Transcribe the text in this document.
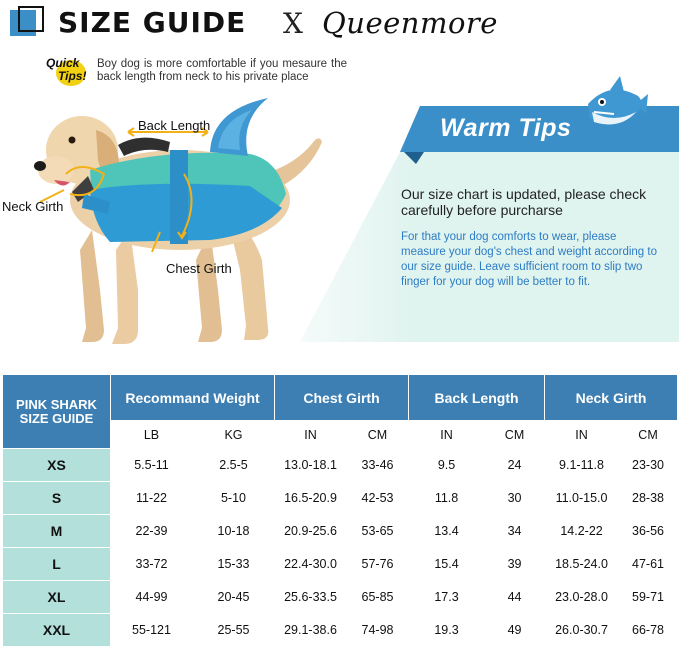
SIZE GUIDE X Queenmore
Quick
Tips!
Boy dog is more comfortable if you mesaure the back length from neck to his private place
Back Length
Neck Girth
Chest Girth
Warm Tips
Our size chart is updated, please check carefully before purcharse
For that your dog comforts to wear, please measure your dog's chest and weight according to our size guide. Leave sufficient room to slip two finger for your dog will be better to fit.
PINK SHARK
SIZE GUIDE	Recommand Weight		Chest Girth		Back Length		Neck Girth	
	LB	KG	IN	CM	IN	CM	IN	CM
XS	5.5-11	2.5-5	13.0-18.1	33-46	9.5	24	9.1-11.8	23-30
S	11-22	5-10	16.5-20.9	42-53	11.8	30	11.0-15.0	28-38
M	22-39	10-18	20.9-25.6	53-65	13.4	34	14.2-22	36-56
L	33-72	15-33	22.4-30.0	57-76	15.4	39	18.5-24.0	47-61
XL	44-99	20-45	25.6-33.5	65-85	17.3	44	23.0-28.0	59-71
XXL	55-121	25-55	29.1-38.6	74-98	19.3	49	26.0-30.7	66-78
